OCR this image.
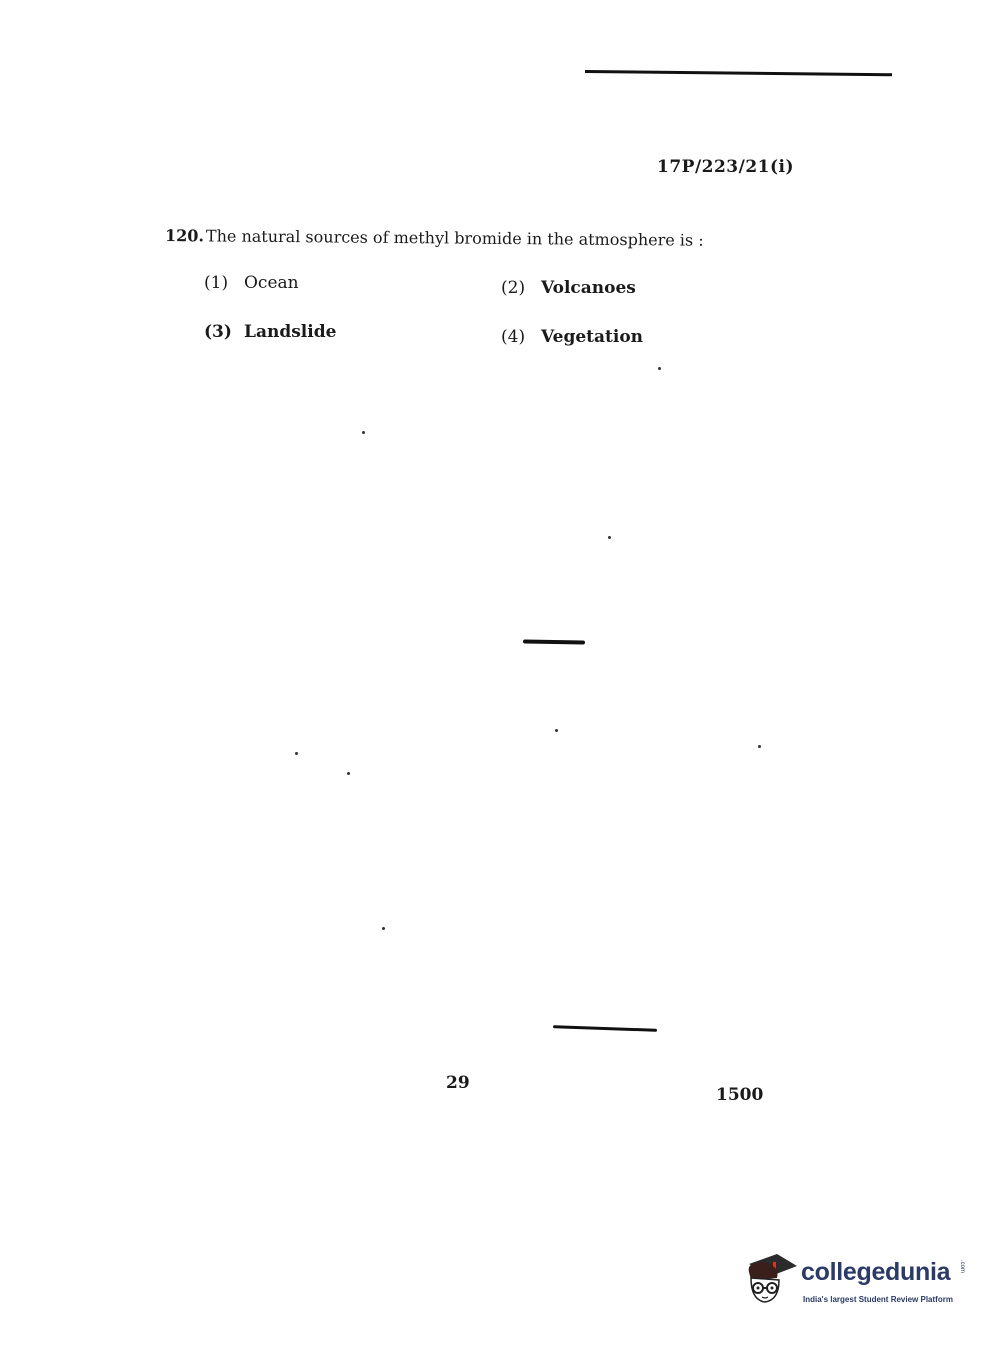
17P/223/21(i)
120. The natural sources of methyl bromide in the atmosphere is :
(1) Ocean	(2) Volcanoes
(3) Landslide	(4) Vegetation
29
1500
collegedunia .com
India's largest Student Review Platform
